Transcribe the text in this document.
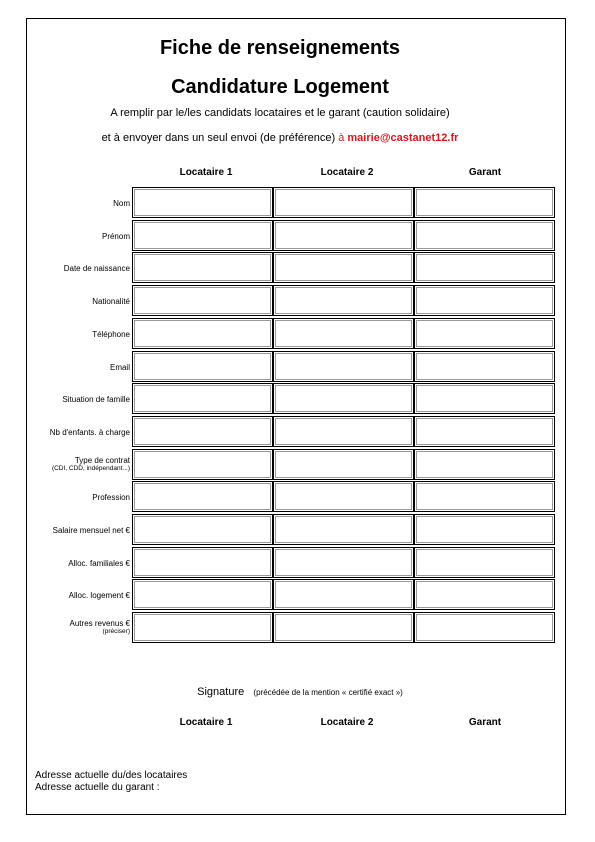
Fiche de renseignements
Candidature Logement
A remplir par le/les candidats locataires et le garant (caution solidaire)
et à envoyer dans un seul envoi (de préférence) à mairie@castanet12.fr
Locataire 1	Locataire 2	Garant
Nom
Prénom
Date de naissance
Nationalité
Téléphone
Email
Situation de famille
Nb d'enfants. à charge
Type de contrat
(CDI, CDD, indépendant...)
Profession
Salaire mensuel net €
Alloc. familiales €
Alloc. logement €
Autres revenus €
(préciser)
Signature (précédée de la mention « certifié exact »)
Locataire 1	Locataire 2	Garant
Adresse actuelle du/des locataires
Adresse actuelle du garant :
